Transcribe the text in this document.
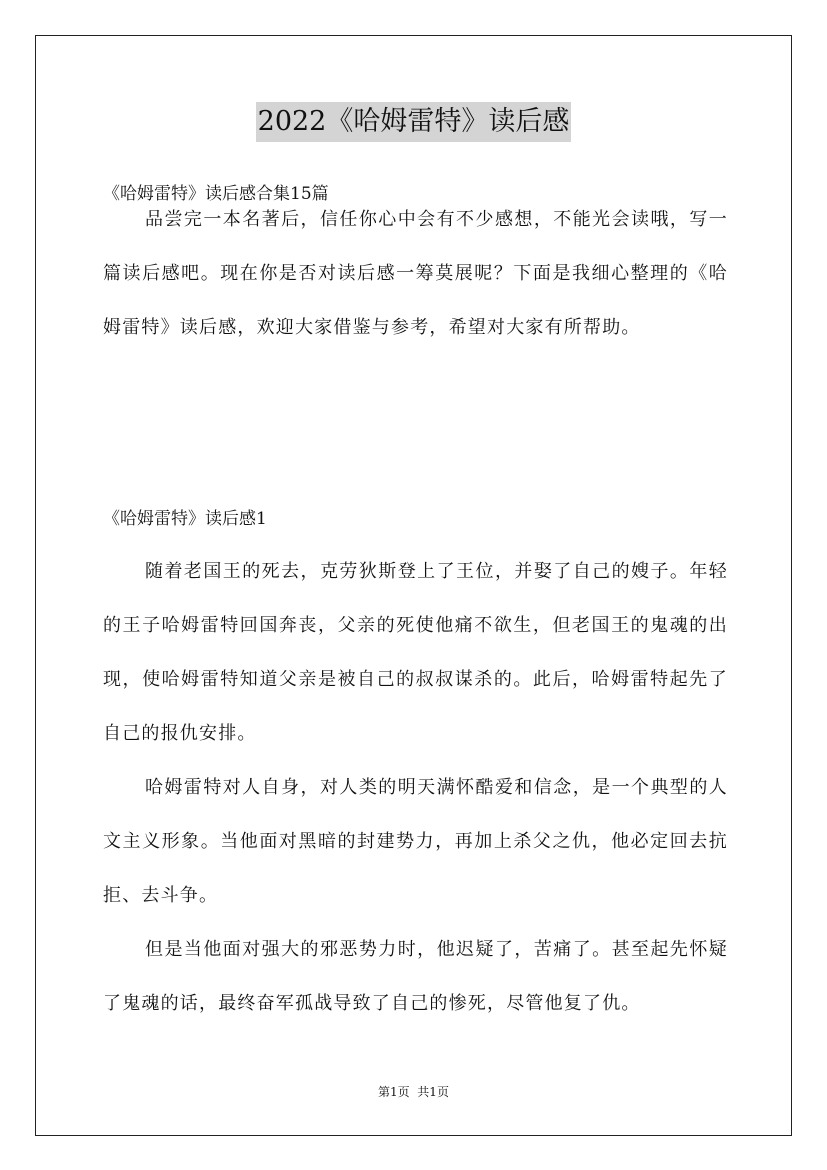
2022《哈姆雷特》读后感
《哈姆雷特》读后感合集15篇

品尝完一本名著后，信任你心中会有不少感想，不能光会读哦，写一篇读后感吧。现在你是否对读后感一筹莫展呢？下面是我细心整理的《哈姆雷特》读后感，欢迎大家借鉴与参考，希望对大家有所帮助。

《哈姆雷特》读后感1

随着老国王的死去，克劳狄斯登上了王位，并娶了自己的嫂子。年轻的王子哈姆雷特回国奔丧，父亲的死使他痛不欲生，但老国王的鬼魂的出现，使哈姆雷特知道父亲是被自己的叔叔谋杀的。此后，哈姆雷特起先了自己的报仇安排。

哈姆雷特对人自身，对人类的明天满怀酷爱和信念，是一个典型的人文主义形象。当他面对黑暗的封建势力，再加上杀父之仇，他必定回去抗拒、去斗争。

但是当他面对强大的邪恶势力时，他迟疑了，苦痛了。甚至起先怀疑了鬼魂的话，最终奋军孤战导致了自己的惨死，尽管他复了仇。

第1页  共1页
